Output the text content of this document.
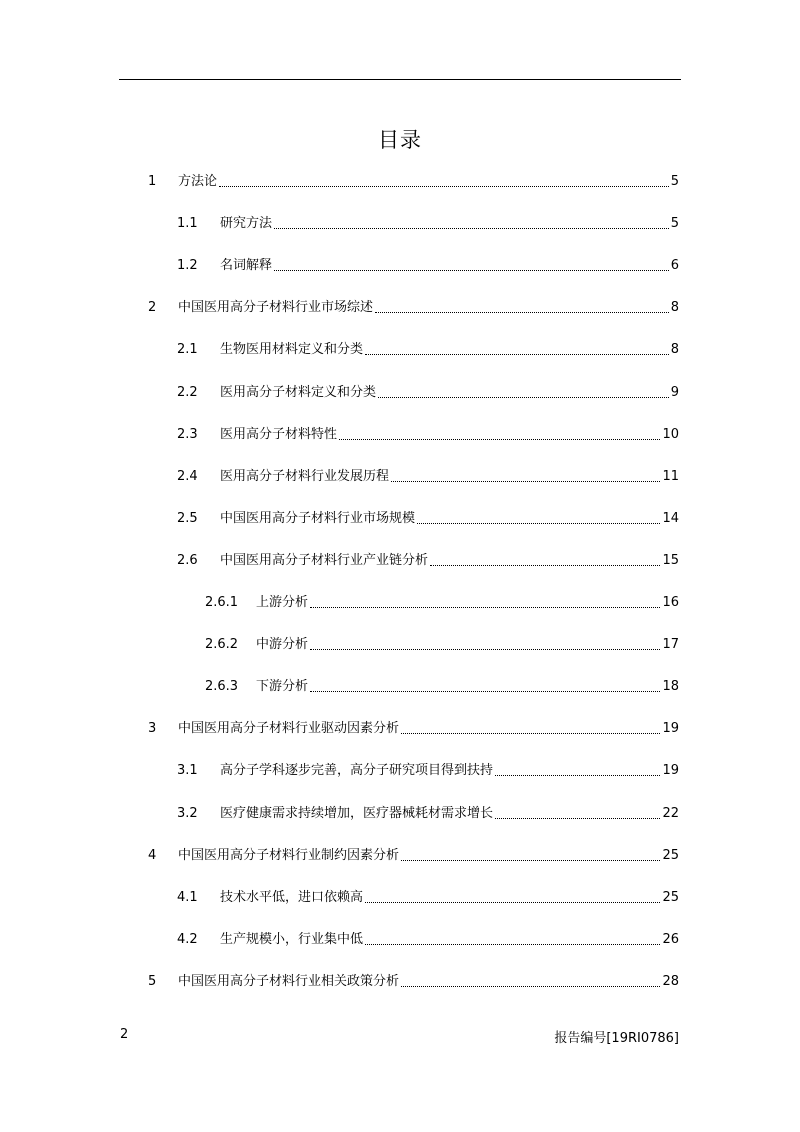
目录
1	方法论	5
1.1	研究方法	5
1.2	名词解释	6
2	中国医用高分子材料行业市场综述	8
2.1	生物医用材料定义和分类	8
2.2	医用高分子材料定义和分类	9
2.3	医用高分子材料特性	10
2.4	医用高分子材料行业发展历程	11
2.5	中国医用高分子材料行业市场规模	14
2.6	中国医用高分子材料行业产业链分析	15
2.6.1	上游分析	16
2.6.2	中游分析	17
2.6.3	下游分析	18
3	中国医用高分子材料行业驱动因素分析	19
3.1	高分子学科逐步完善，高分子研究项目得到扶持	19
3.2	医疗健康需求持续增加，医疗器械耗材需求增长	22
4	中国医用高分子材料行业制约因素分析	25
4.1	技术水平低，进口依赖高	25
4.2	生产规模小，行业集中低	26
5	中国医用高分子材料行业相关政策分析	28
2	报告编号[19RI0786]
